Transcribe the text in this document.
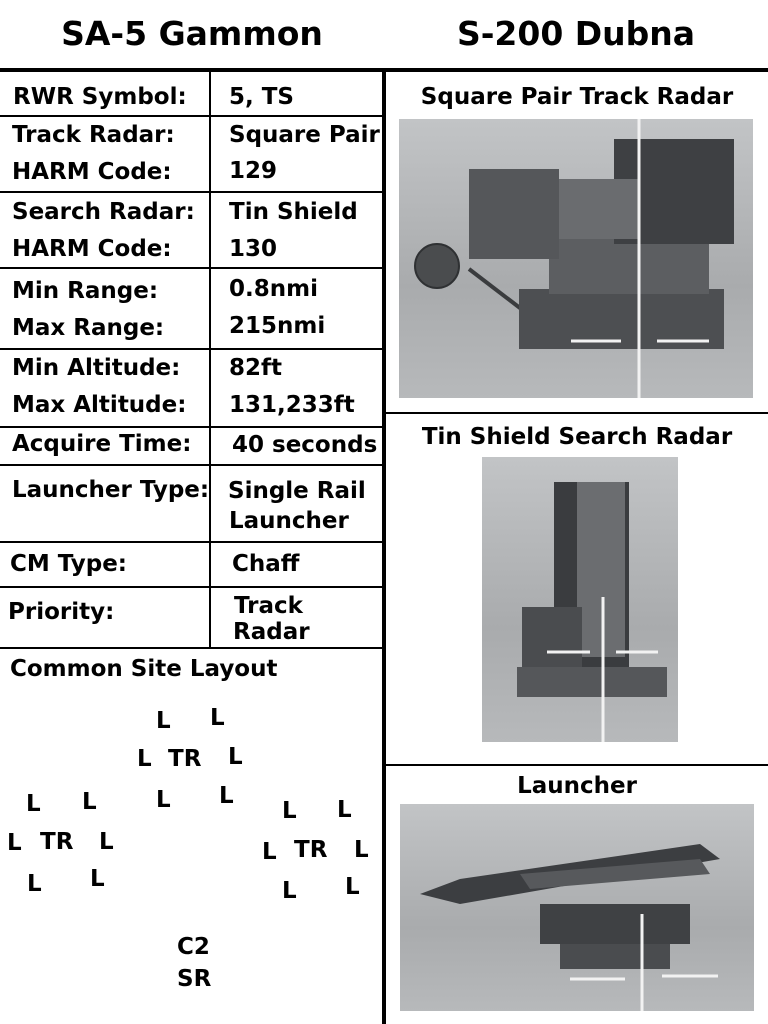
SA-5 Gammon	S-200 Dubna
RWR Symbol: 5, TS
Track Radar: Square Pair
HARM Code: 129
Search Radar: Tin Shield
HARM Code: 130
Min Range:	0.8nmi
Max Range:	215nmi
Min Altitude: 82ft
Max Altitude: 131,233ft
Acquire Time: 40 seconds
Launcher Type: Single Rail
Launcher
CM Type:	Chaff
Priority:	Track
Radar
Common Site Layout
L L
L TR L
L L
L L
L TR L
L L
L L
L TR L
L L
C2
SR
Square Pair Track Radar
Tin Shield Search Radar
Launcher
